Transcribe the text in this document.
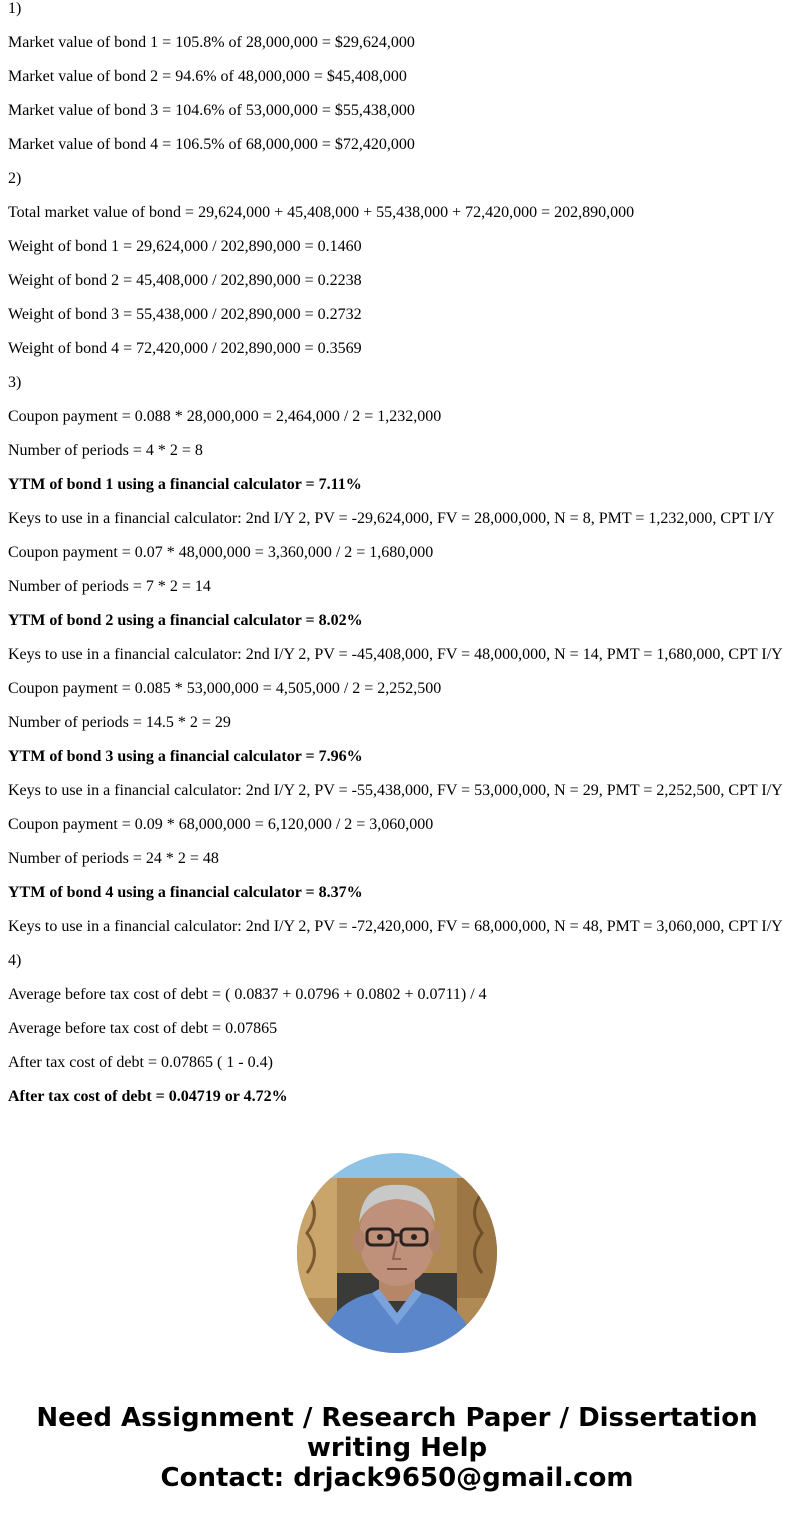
1)
Market value of bond 1 = 105.8% of 28,000,000 = $29,624,000
Market value of bond 2 = 94.6% of 48,000,000 = $45,408,000
Market value of bond 3 = 104.6% of 53,000,000 = $55,438,000
Market value of bond 4 = 106.5% of 68,000,000 = $72,420,000
2)
Total market value of bond = 29,624,000 + 45,408,000 + 55,438,000 + 72,420,000 = 202,890,000
Weight of bond 1 = 29,624,000 / 202,890,000 = 0.1460
Weight of bond 2 = 45,408,000 / 202,890,000 = 0.2238
Weight of bond 3 = 55,438,000 / 202,890,000 = 0.2732
Weight of bond 4 = 72,420,000 / 202,890,000 = 0.3569
3)
Coupon payment = 0.088 * 28,000,000 = 2,464,000 / 2 = 1,232,000
Number of periods = 4 * 2 = 8
YTM of bond 1 using a financial calculator = 7.11%
Keys to use in a financial calculator: 2nd I/Y 2, PV = -29,624,000, FV = 28,000,000, N = 8, PMT = 1,232,000, CPT I/Y
Coupon payment = 0.07 * 48,000,000 = 3,360,000 / 2 = 1,680,000
Number of periods = 7 * 2 = 14
YTM of bond 2 using a financial calculator = 8.02%
Keys to use in a financial calculator: 2nd I/Y 2, PV = -45,408,000, FV = 48,000,000, N = 14, PMT = 1,680,000, CPT I/Y
Coupon payment = 0.085 * 53,000,000 = 4,505,000 / 2 = 2,252,500
Number of periods = 14.5 * 2 = 29
YTM of bond 3 using a financial calculator = 7.96%
Keys to use in a financial calculator: 2nd I/Y 2, PV = -55,438,000, FV = 53,000,000, N = 29, PMT = 2,252,500, CPT I/Y
Coupon payment = 0.09 * 68,000,000 = 6,120,000 / 2 = 3,060,000
Number of periods = 24 * 2 = 48
YTM of bond 4 using a financial calculator = 8.37%
Keys to use in a financial calculator: 2nd I/Y 2, PV = -72,420,000, FV = 68,000,000, N = 48, PMT = 3,060,000, CPT I/Y
4)
Average before tax cost of debt = ( 0.0837 + 0.0796 + 0.0802 + 0.0711) / 4
Average before tax cost of debt = 0.07865
After tax cost of debt = 0.07865 ( 1 - 0.4)
After tax cost of debt = 0.04719 or 4.72%
Need Assignment / Research Paper / Dissertation
writing Help
Contact: drjack9650@gmail.com
